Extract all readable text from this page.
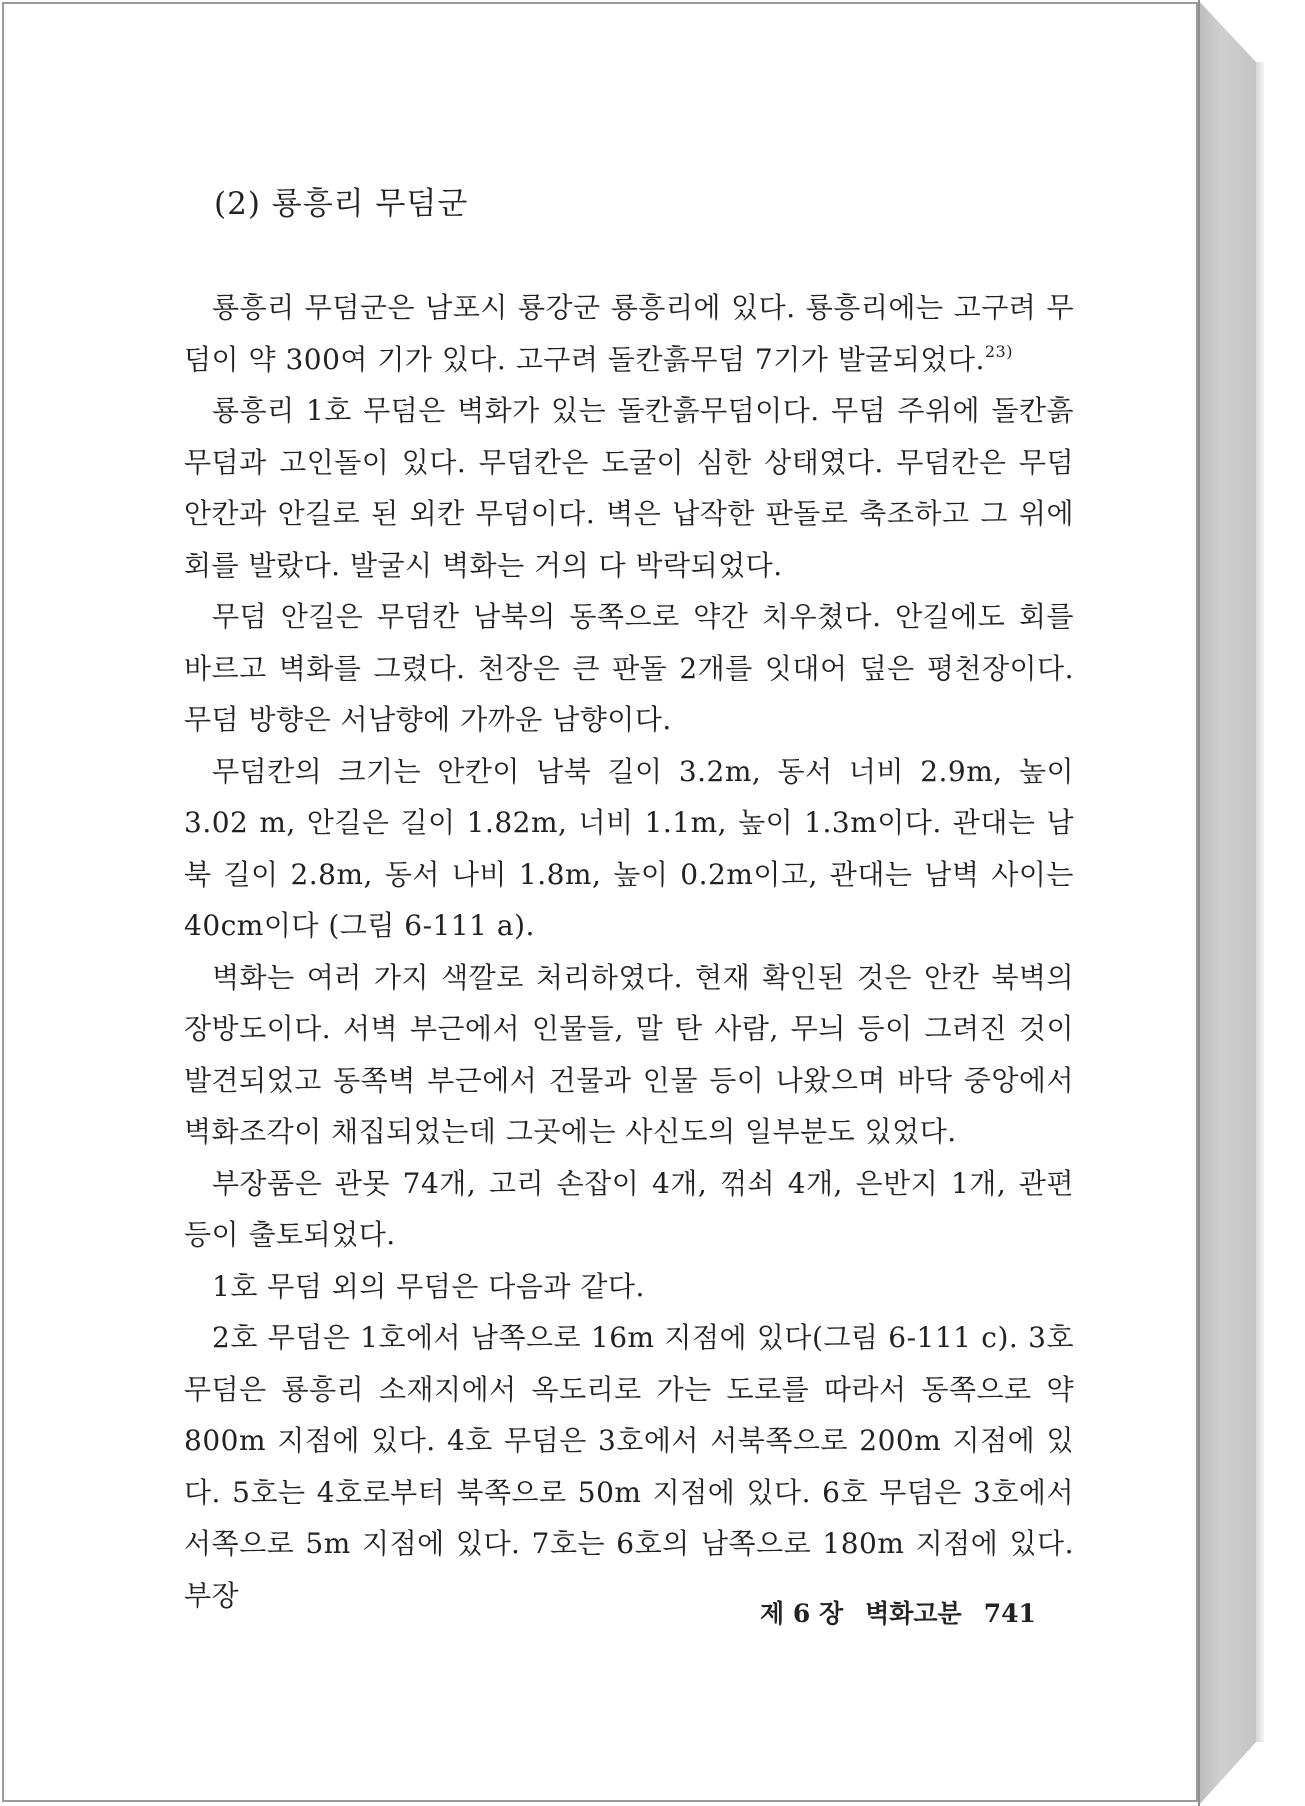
(2) 룡흥리 무덤군

룡흥리 무덤군은 남포시 룡강군 룡흥리에 있다. 룡흥리에는 고구려 무덤이 약 300여 기가 있다. 고구려 돌칸흙무덤 7기가 발굴되었다.$^{23)}$

룡흥리 1호 무덤은 벽화가 있는 돌칸흙무덤이다. 무덤 주위에 돌칸흙무덤과 고인돌이 있다. 무덤칸은 도굴이 심한 상태였다. 무덤칸은 무덤안칸과 안길로 된 외칸 무덤이다. 벽은 납작한 판돌로 축조하고 그 위에 회를 발랐다. 발굴시 벽화는 거의 다 박락되었다.

무덤 안길은 무덤칸 남북의 동쪽으로 약간 치우쳤다. 안길에도 회를 바르고 벽화를 그렸다. 천장은 큰 판돌 2개를 잇대어 덮은 평천장이다. 무덤 방향은 서남향에 가까운 남향이다.

무덤칸의 크기는 안칸이 남북 길이 3.2m, 동서 너비 2.9m, 높이 3.02 m, 안길은 길이 1.82m, 너비 1.1m, 높이 1.3m이다. 관대는 남북 길이 2.8m, 동서 나비 1.8m, 높이 0.2m이고, 관대는 남벽 사이는 40cm이다 (그림 6-111 a).

벽화는 여러 가지 색깔로 처리하였다. 현재 확인된 것은 안칸 북벽의 장방도이다. 서벽 부근에서 인물들, 말 탄 사람, 무늬 등이 그려진 것이 발견되었고 동쪽벽 부근에서 건물과 인물 등이 나왔으며 바닥 중앙에서 벽화조각이 채집되었는데 그곳에는 사신도의 일부분도 있었다.

부장품은 관못 74개, 고리 손잡이 4개, 꺾쇠 4개, 은반지 1개, 관편 등이 출토되었다.

1호 무덤 외의 무덤은 다음과 같다.

2호 무덤은 1호에서 남쪽으로 16m 지점에 있다(그림 6-111 c). 3호 무덤은 룡흥리 소재지에서 옥도리로 가는 도로를 따라서 동쪽으로 약 800m 지점에 있다. 4호 무덤은 3호에서 서북쪽으로 200m 지점에 있다. 5호는 4호로부터 북쪽으로 50m 지점에 있다. 6호 무덤은 3호에서 서쪽으로 5m 지점에 있다. 7호는 6호의 남쪽으로 180m 지점에 있다. 부장

제 6 장 벽화고분 741
